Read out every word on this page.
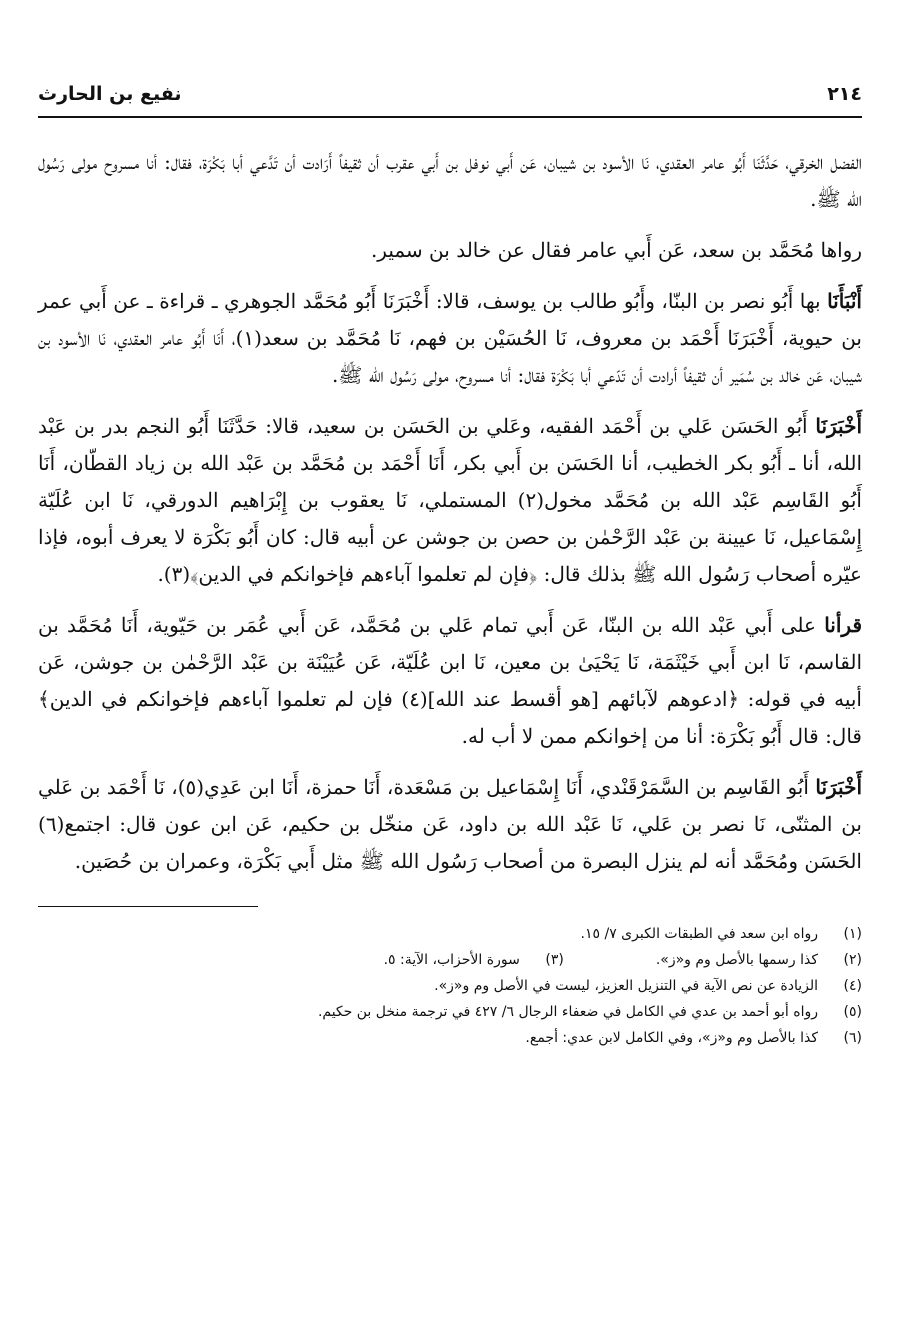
٢١٤
نفيع بن الحارث

الفضل الخرقي، حَدَّثَنَا أَبُو عامر العقدي، نَا الأسود بن شيبان، عَن أَبي نوفل بن أَبي عقرب أن ثقيفاً أَرَادت أن تَدَّعي أبا بَكْرَة، فقال: أنا مسروح مولى رَسُول الله ﷺ.

رواها مُحَمَّد بن سعد، عَن أَبي عامر فقال عن خالد بن سمير.

أَنْبَأَنَا بها أَبُو نصر بن البنّا، وأَبُو طالب بن يوسف، قالا: أَخْبَرَنَا أَبُو مُحَمَّد الجوهري ـ قراءة ـ عن أَبي عمر بن حيوية، أَخْبَرَنَا أَحْمَد بن معروف، نَا الحُسَيْن بن فهم، نَا مُحَمَّد بن سعد(١)، أَنَا أَبُو عامر العقدي، نَا الأسود بن شيبان، عَن خالد بن سُمَير أن ثقيفاً أرادت أن تَدّعي أبا بَكْرَة فقال: أنا مسروح، مولى رَسُول الله ﷺ.

أَخْبَرَنَا أَبُو الحَسَن عَلي بن أَحْمَد الفقيه، وعَلي بن الحَسَن بن سعيد، قالا: حَدَّثَنَا أَبُو النجم بدر بن عَبْد الله، أنا ـ أَبُو بكر الخطيب، أنا الحَسَن بن أَبي بكر، أَنَا أَحْمَد بن مُحَمَّد بن عَبْد الله بن زياد القطّان، أَنَا أَبُو القَاسِم عَبْد الله بن مُحَمَّد مخول(٢) المستملي، نَا يعقوب بن إِبْرَاهيم الدورقي، نَا ابن عُلَيّة إِسْمَاعيل، نَا عيينة بن عَبْد الرَّحْمٰن بن حصن بن جوشن عن أبيه قال: كان أَبُو بَكْرَة لا يعرف أبوه، فإذا عيّره أصحاب رَسُول الله ﷺ بذلك قال: ﴿فإن لم تعلموا آباءهم فإخوانكم في الدين﴾(٣).

قرأنا على أَبي عَبْد الله بن البنّا، عَن أَبي تمام عَلي بن مُحَمَّد، عَن أَبي عُمَر بن حَيّوية، أَنَا مُحَمَّد بن القاسم، نَا ابن أَبي خَيْثَمَة، نَا يَحْيَىٰ بن معين، نَا ابن عُلَيّة، عَن عُيَيْنَة بن عَبْد الرَّحْمٰن بن جوشن، عَن أبيه في قوله: ﴿ادعوهم لآبائهم [هو أقسط عند الله](٤) فإن لم تعلموا آباءهم فإخوانكم في الدين﴾ قال: قال أَبُو بَكْرَة: أنا من إخوانكم ممن لا أب له.

أَخْبَرَنَا أَبُو القَاسِم بن السَّمَرْقَنْدي، أَنَا إِسْمَاعيل بن مَسْعَدة، أَنَا حمزة، أَنَا ابن عَدِي(٥)، نَا أَحْمَد بن عَلي بن المثنّى، نَا نصر بن عَلي، نَا عَبْد الله بن داود، عَن منخّل بن حكيم، عَن ابن عون قال: اجتمع(٦) الحَسَن ومُحَمَّد أنه لم ينزل البصرة من أصحاب رَسُول الله ﷺ مثل أَبي بَكْرَة، وعمران بن حُصَين.

(١)
رواه ابن سعد في الطبقات الكبرى ٧/ ١٥.
(٢)
كذا رسمها بالأصل وم و«ز».
(٣)
سورة الأحزاب، الآية: ٥.
(٤)
الزيادة عن نص الآية في التنزيل العزيز، ليست في الأصل وم و«ز».
(٥)
رواه أبو أحمد بن عدي في الكامل في ضعفاء الرجال ٦/ ٤٢٧ في ترجمة منخل بن حكيم.
(٦)
كذا بالأصل وم و«ز»، وفي الكامل لابن عدي: أجمع.
